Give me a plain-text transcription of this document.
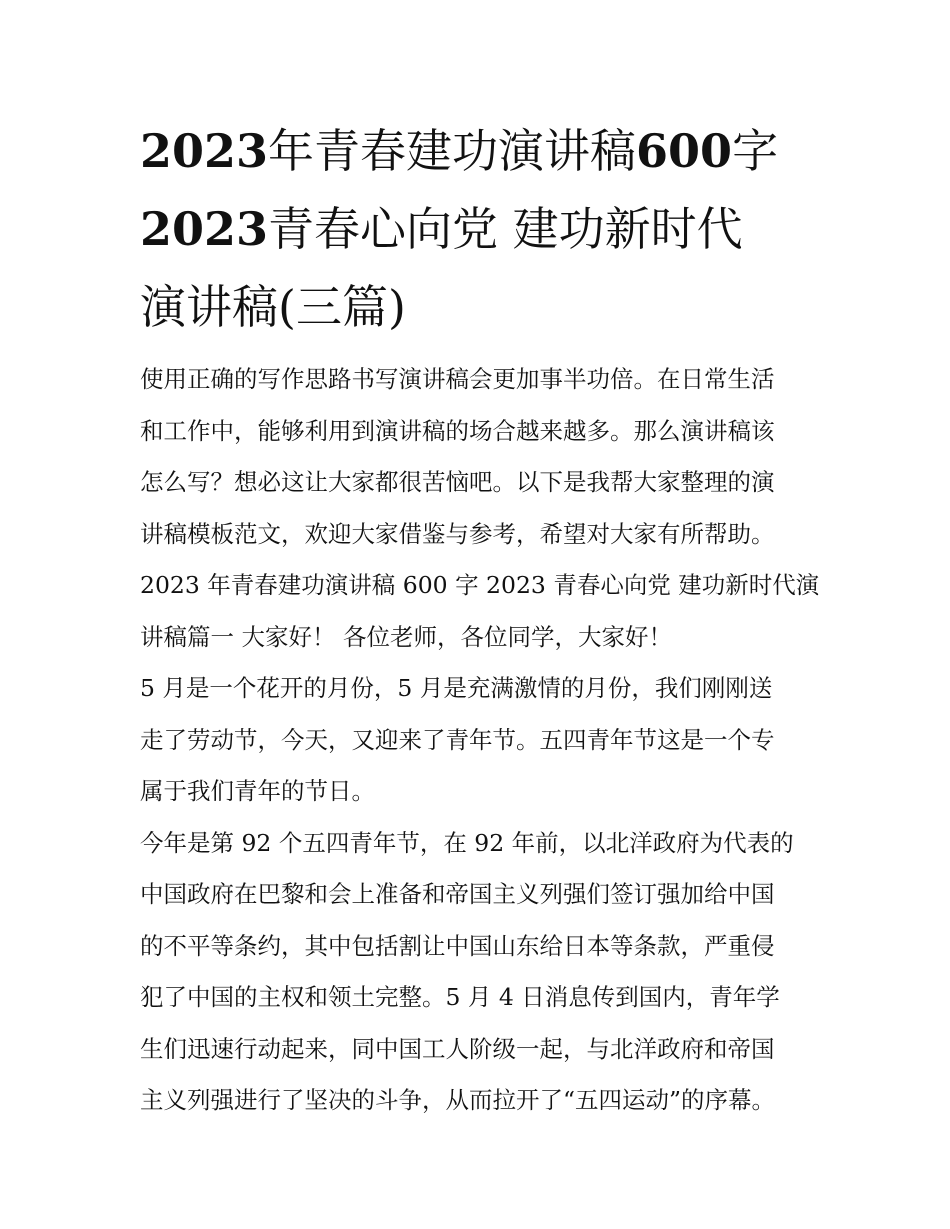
2023年青春建功演讲稿600字
2023青春心向党 建功新时代
演讲稿(三篇)
使用正确的写作思路书写演讲稿会更加事半功倍。在日常生活
和工作中，能够利用到演讲稿的场合越来越多。那么演讲稿该
怎么写？想必这让大家都很苦恼吧。以下是我帮大家整理的演
讲稿模板范文，欢迎大家借鉴与参考，希望对大家有所帮助。
2023 年青春建功演讲稿 600 字 2023 青春心向党 建功新时代演
讲稿篇一 大家好！ 各位老师，各位同学，大家好！
5 月是一个花开的月份，5 月是充满激情的月份，我们刚刚送
走了劳动节，今天，又迎来了青年节。五四青年节这是一个专
属于我们青年的节日。
今年是第 92 个五四青年节，在 92 年前，以北洋政府为代表的
中国政府在巴黎和会上准备和帝国主义列强们签订强加给中国
的不平等条约，其中包括割让中国山东给日本等条款，严重侵
犯了中国的主权和领土完整。5 月 4 日消息传到国内，青年学
生们迅速行动起来，同中国工人阶级一起，与北洋政府和帝国
主义列强进行了坚决的斗争，从而拉开了“五四运动”的序幕。
